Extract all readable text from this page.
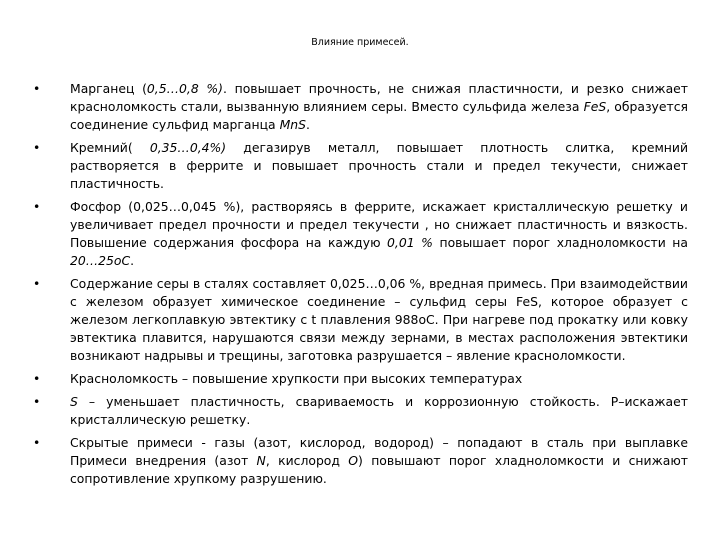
Влияние примесей.
• Марганец (0,5…0,8 %). повышает прочность, не снижая пластичности, и резко снижает красноломкость стали, вызванную влиянием серы. Вместо сульфида железа FeS, образуется соединение сульфид марганца MnS.
• Кремний( 0,35…0,4%) дегазирув металл, повышает плотность слитка, кремний растворяется в феррите и повышает прочность стали и предел текучести, снижает пластичность.
• Фосфор (0,025…0,045 %), растворяясь в феррите, искажает кристаллическую решетку и увеличивает предел прочности и предел текучести , но снижает пластичность и вязкость. Повышение содержания фосфора на каждую 0,01 % повышает порог хладноломкости на 20…25оС.
• Содержание серы в сталях составляет 0,025…0,06 %, вредная примесь. При взаимодействии с железом образует химическое соединение – сульфид серы FeS, которое образует с железом легкоплавкую эвтектику с t плавления 988оС. При нагреве под прокатку или ковку эвтектика плавится, нарушаются связи между зернами, в местах расположения эвтектики возникают надрывы и трещины, заготовка разрушается – явление красноломкости.
• Красноломкость – повышение хрупкости при высоких температурах
• S – уменьшает пластичность, свариваемость и коррозионную стойкость. Р–искажает кристаллическую решетку.
• Скрытые примеси - газы (азот, кислород, водород) – попадают в сталь при выплавке Примеси внедрения (азот N, кислород O) повышают порог хладноломкости и снижают сопротивление хрупкому разрушению.
